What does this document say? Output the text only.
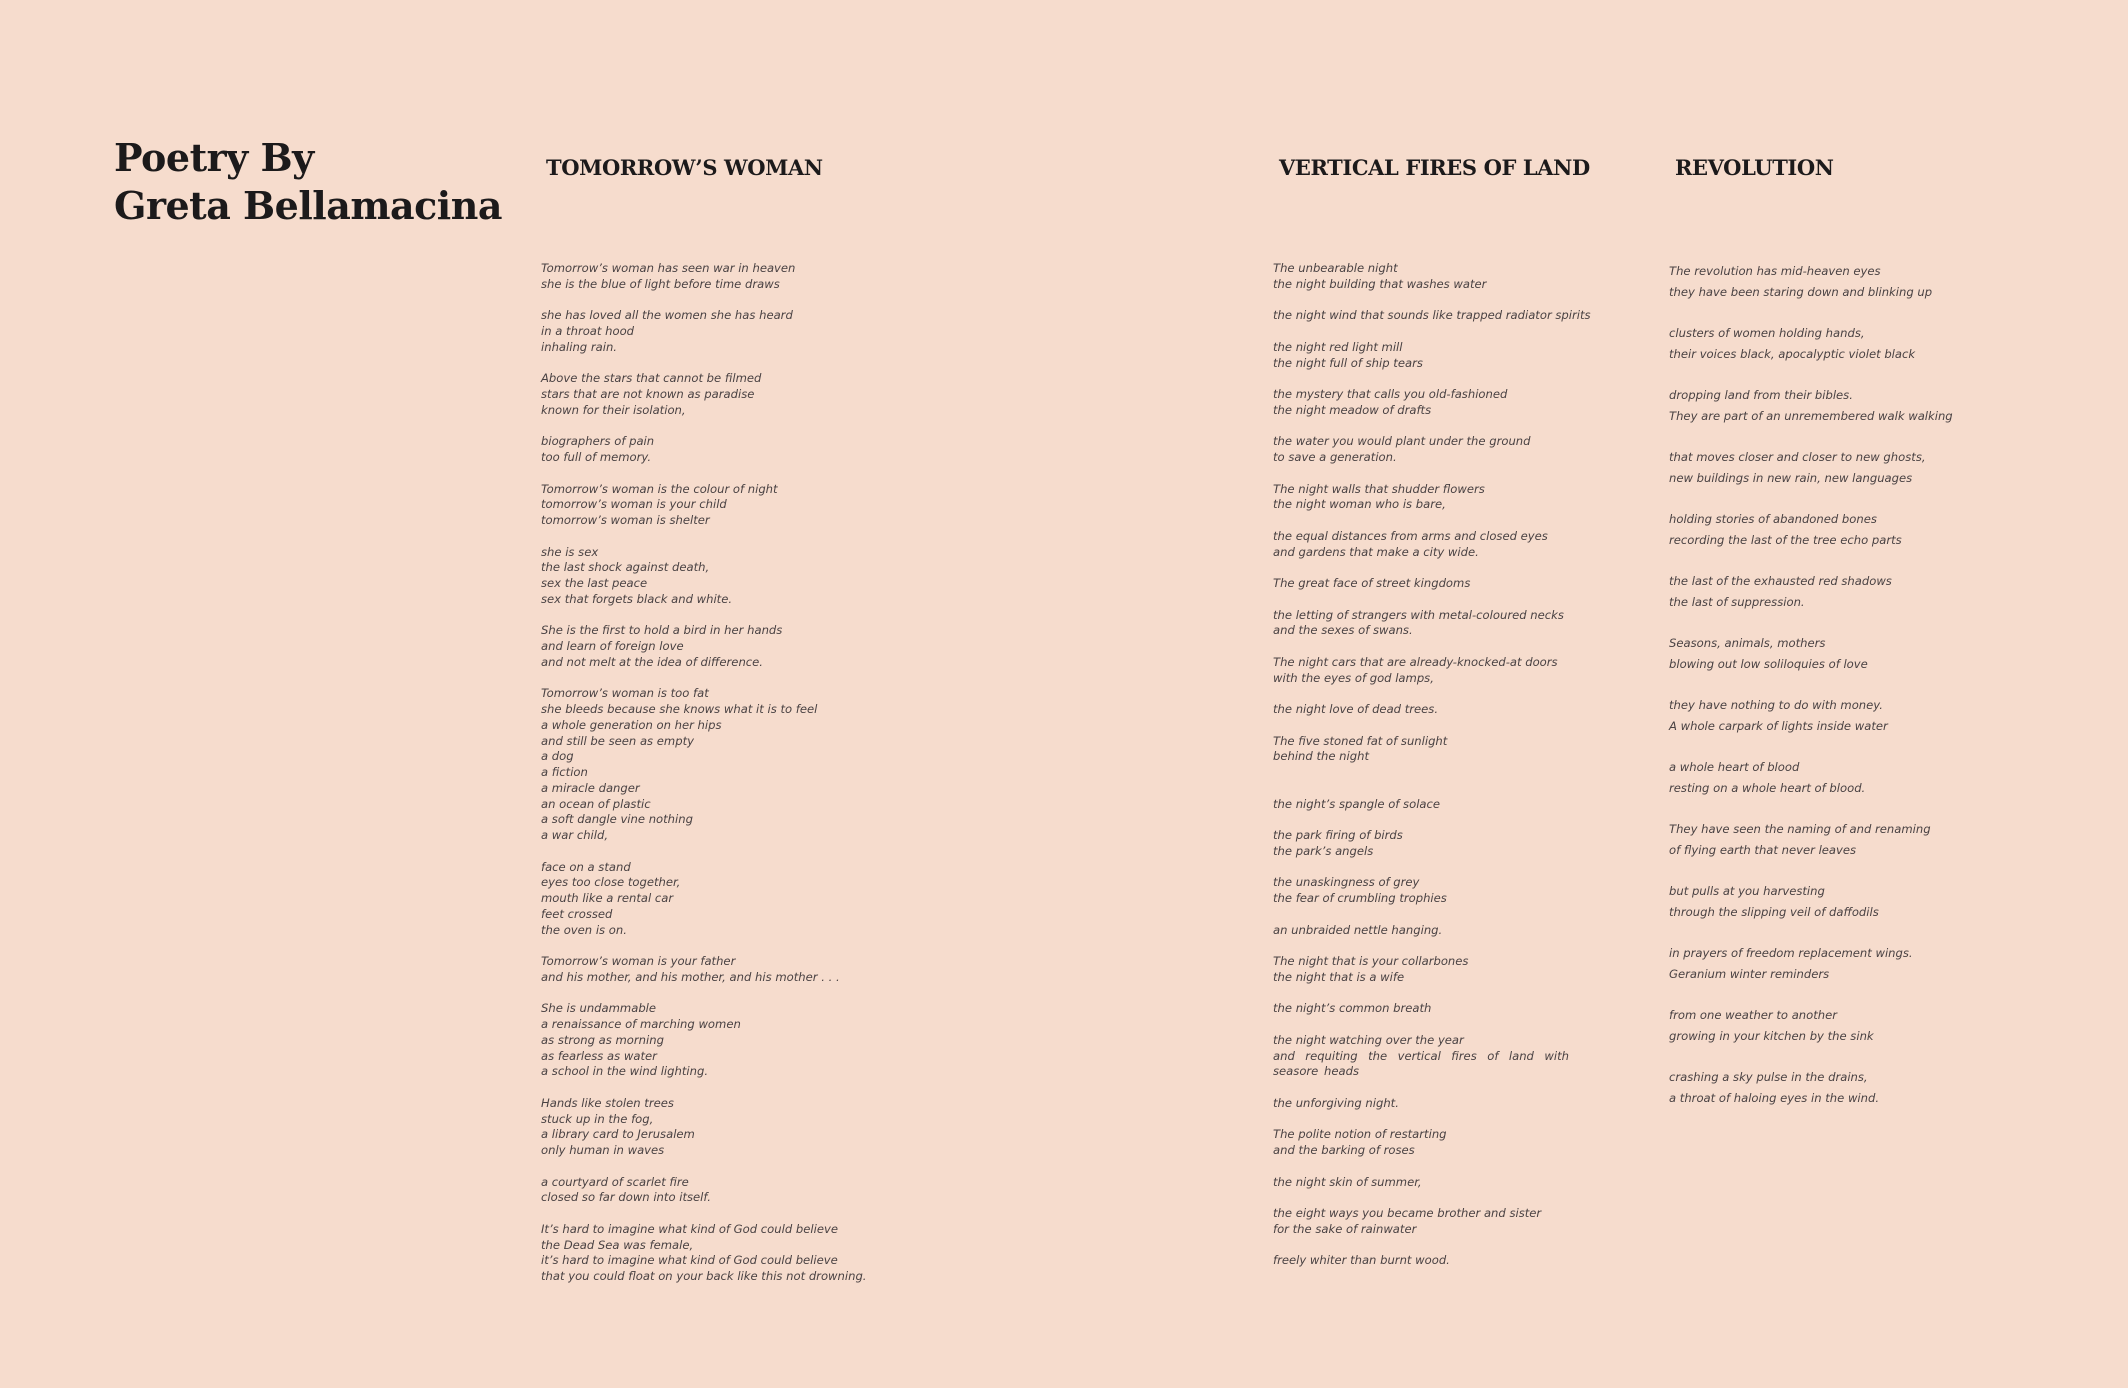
Poetry By
Greta Bellamacina
TOMORROW’S WOMAN

Tomorrow’s woman has seen war in heaven
she is the blue of light before time draws

she has loved all the women she has heard
in a throat hood
inhaling rain.

Above the stars that cannot be filmed
stars that are not known as paradise
known for their isolation,

biographers of pain
too full of memory.

Tomorrow’s woman is the colour of night
tomorrow’s woman is your child
tomorrow’s woman is shelter

she is sex
the last shock against death,
sex the last peace
sex that forgets black and white.

She is the first to hold a bird in her hands
and learn of foreign love
and not melt at the idea of difference.

Tomorrow’s woman is too fat
she bleeds because she knows what it is to feel
a whole generation on her hips
and still be seen as empty
a dog
a fiction
a miracle danger
an ocean of plastic
a soft dangle vine nothing
a war child,

face on a stand
eyes too close together,
mouth like a rental car
feet crossed
the oven is on.

Tomorrow’s woman is your father
and his mother, and his mother, and his mother . . .

She is undammable
a renaissance of marching women
as strong as morning
as fearless as water
a school in the wind lighting.

Hands like stolen trees
stuck up in the fog,
a library card to Jerusalem
only human in waves

a courtyard of scarlet fire
closed so far down into itself.

It’s hard to imagine what kind of God could believe
the Dead Sea was female,
it’s hard to imagine what kind of God could believe
that you could float on your back like this not drowning.

VERTICAL FIRES OF LAND

The unbearable night
the night building that washes water

the night wind that sounds like trapped radiator spirits

the night red light mill
the night full of ship tears

the mystery that calls you old-fashioned
the night meadow of drafts

the water you would plant under the ground
to save a generation.

The night walls that shudder flowers
the night woman who is bare,

the equal distances from arms and closed eyes
and gardens that make a city wide.

The great face of street kingdoms

the letting of strangers with metal-coloured necks
and the sexes of swans.

The night cars that are already-knocked-at doors
with the eyes of god lamps,

the night love of dead trees.

The five stoned fat of sunlight
behind the night

the night’s spangle of solace

the park firing of birds
the park’s angels

the unaskingness of grey
the fear of crumbling trophies

an unbraided nettle hanging.

The night that is your collarbones
the night that is a wife

the night’s common breath

the night watching over the year
and requiting the vertical fires of land with seasore heads

the unforgiving night.

The polite notion of restarting
and the barking of roses

the night skin of summer,

the eight ways you became brother and sister
for the sake of rainwater

freely whiter than burnt wood.

REVOLUTION

The revolution has mid-heaven eyes
they have been staring down and blinking up

clusters of women holding hands,
their voices black, apocalyptic violet black

dropping land from their bibles.
They are part of an unremembered walk walking

that moves closer and closer to new ghosts,
new buildings in new rain, new languages

holding stories of abandoned bones
recording the last of the tree echo parts

the last of the exhausted red shadows
the last of suppression.

Seasons, animals, mothers
blowing out low soliloquies of love

they have nothing to do with money.
A whole carpark of lights inside water

a whole heart of blood
resting on a whole heart of blood.

They have seen the naming of and renaming
of flying earth that never leaves

but pulls at you harvesting
through the slipping veil of daffodils

in prayers of freedom replacement wings.
Geranium winter reminders

from one weather to another
growing in your kitchen by the sink

crashing a sky pulse in the drains,
a throat of haloing eyes in the wind.
